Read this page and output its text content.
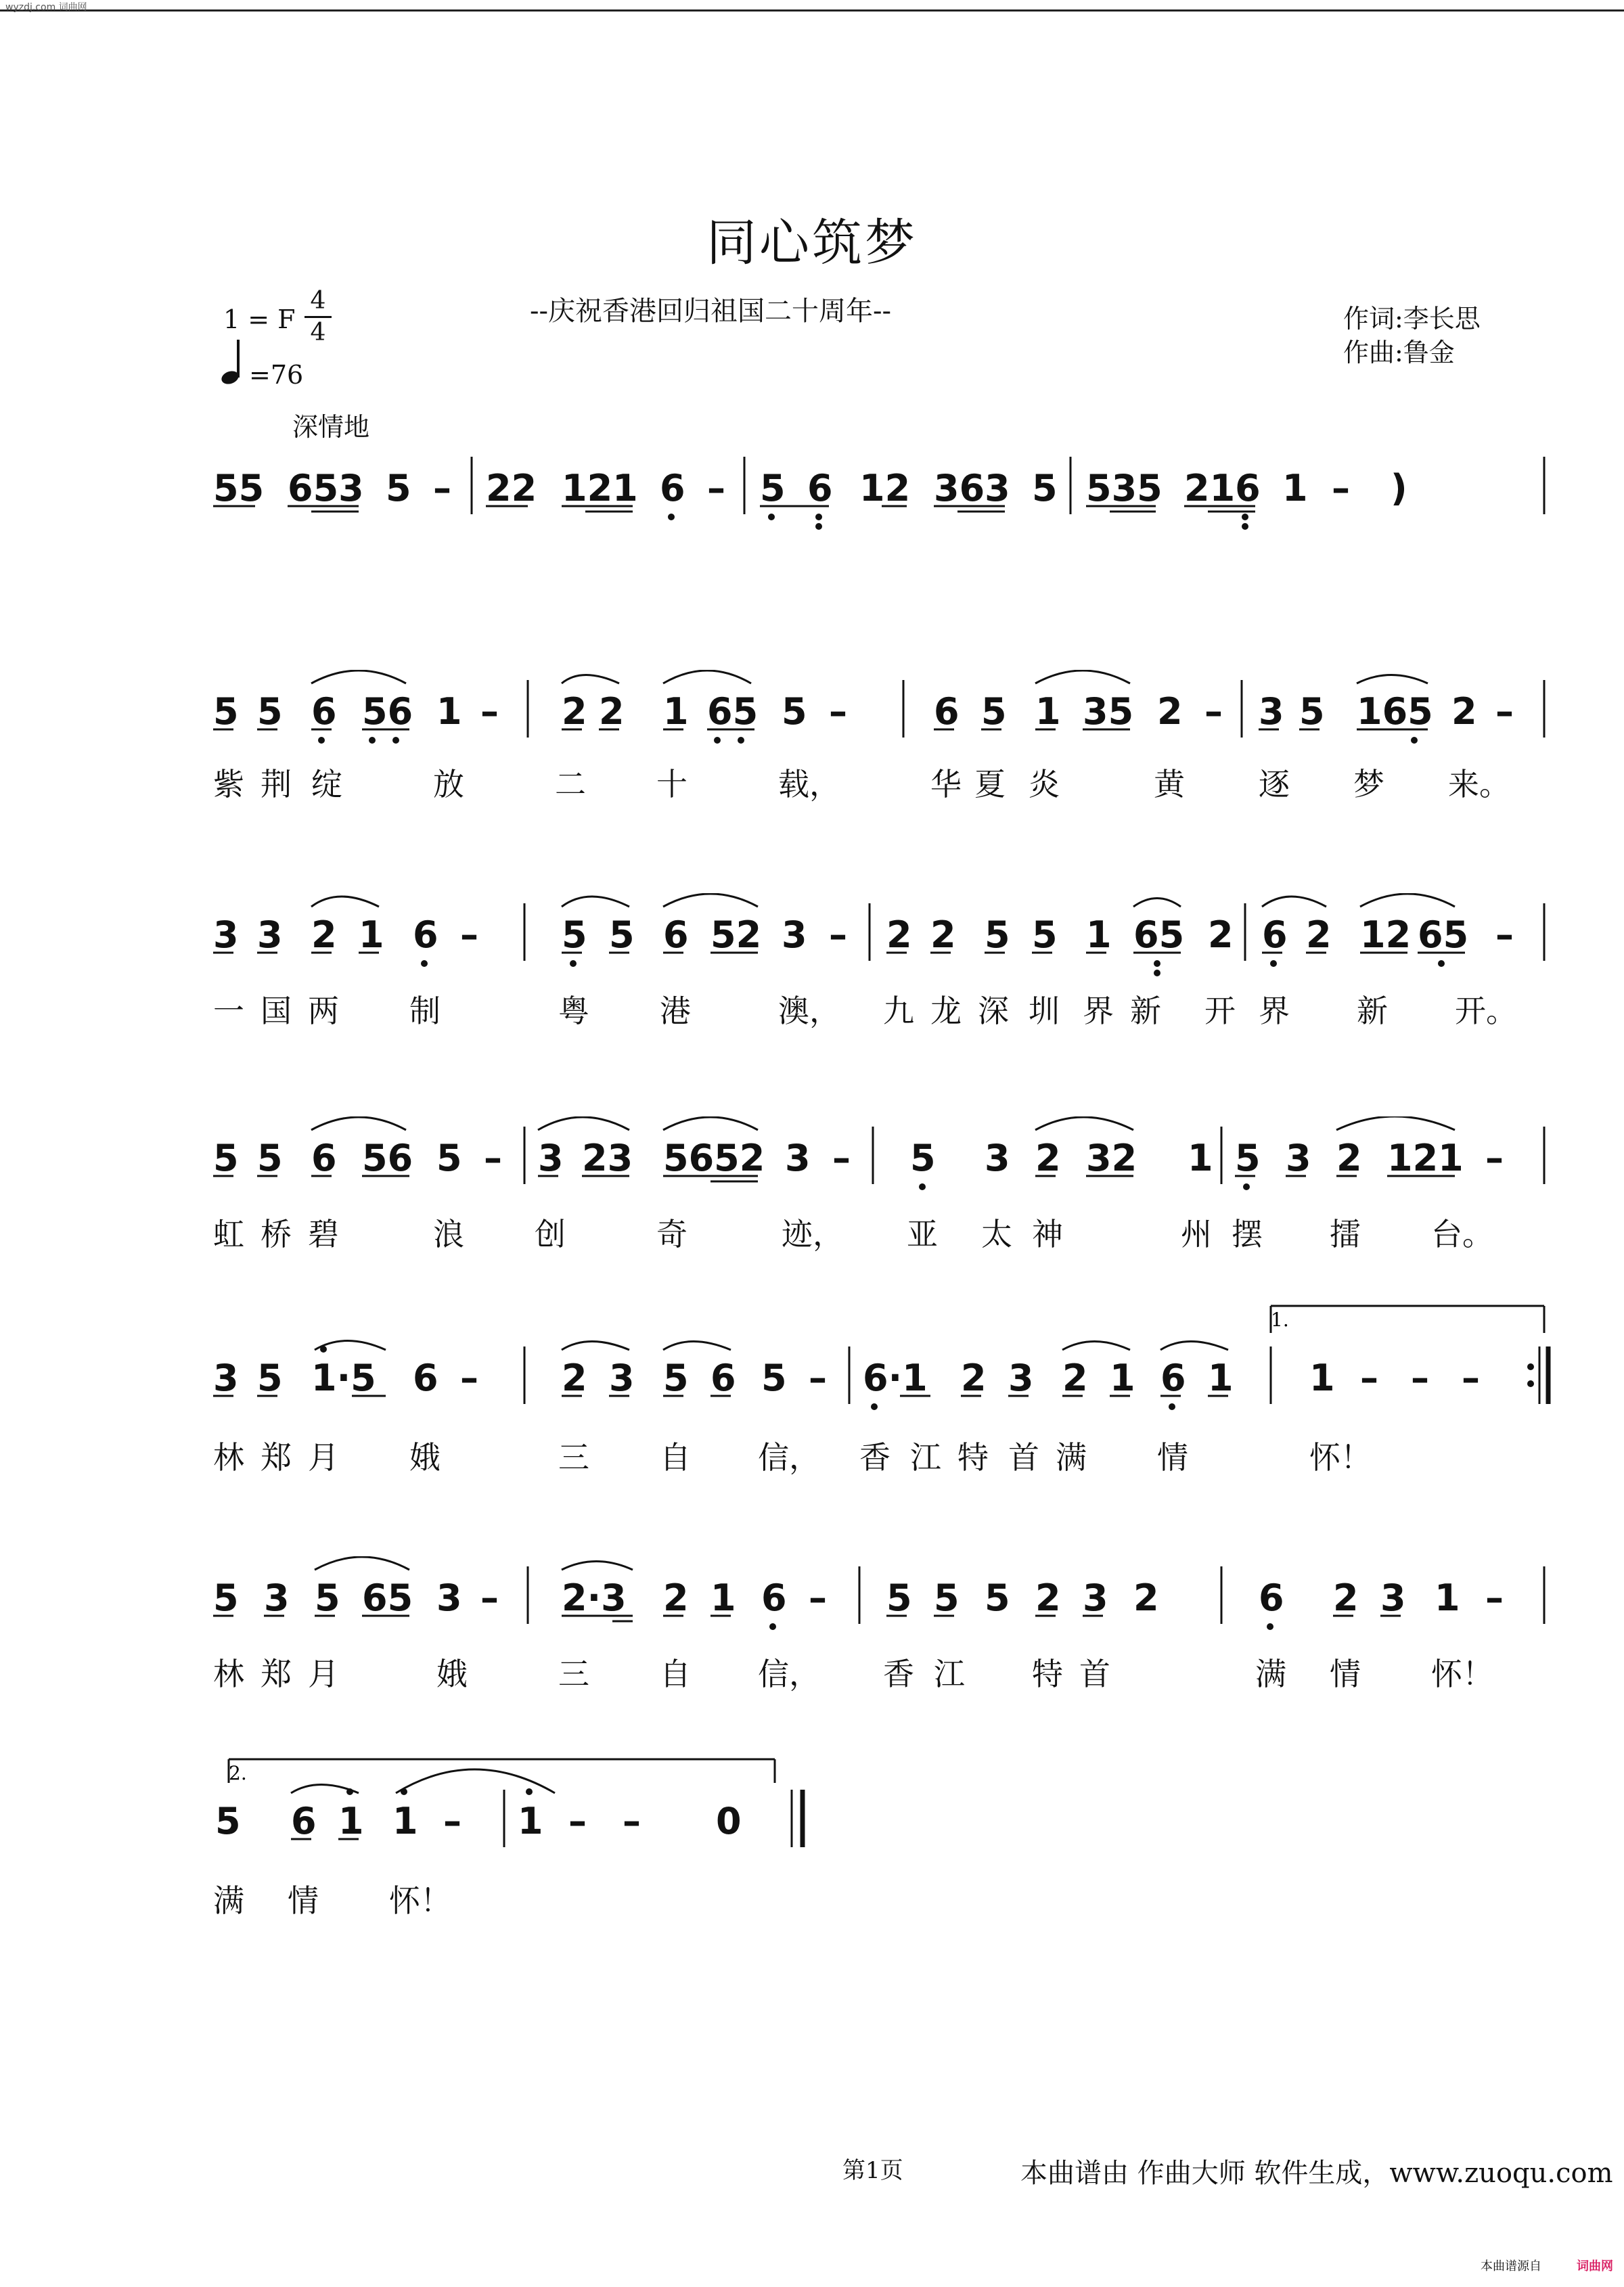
wyzdj.com 词曲网
同心筑梦
--庆祝香港回归祖国二十周年--	作词:李长思
作曲:鲁金
1 = F
4
4
=76
深情地
55 653 5 – 22 121 6 – 5 6 12 363 5 535 216 1 – )
5 5 6 56 1 – 2 2 1 65 5 – 6 5 1 35 2 – 3 5 165 2 –
紫 荆 绽	放	二 十	载，	华 夏 炎	黄 逐 梦 来。
3 3 2 1 6 – 5 5 6 52 3 – 2 2 5 5 1 65 2 6 2 12 65 –
一 国 两 制	粤 港	澳， 九 龙 深 圳 界 新 开 界 新 开。
5 5 6 56 5 – 3 23 5652 3 – 5 3 2 32 1 5 3 2 121 –
虹 桥 碧	浪 创	奇	迹， 亚 太 神	州 摆 擂 台。
1.
3 5 1·5 6 – 2 3 5 6 5 – 6·1 2 3 2 1 6 1 1 – – –
林 郑 月 娥	三 自 信， 香 江 特 首 满 情	怀！
5 3 5 65 3 – 2·3 2 1 6 – 5 5 5 2 3 2	6 2 3 1 –
林 郑 月	娥	三 自 信， 香 江 特 首	满 情 怀！
2.
5 6 1 1 – 1 – – 0
满 情 怀！
第1页	本曲谱由 作曲大师 软件生成，www.zuoqu.com
本曲谱源自	词曲网
